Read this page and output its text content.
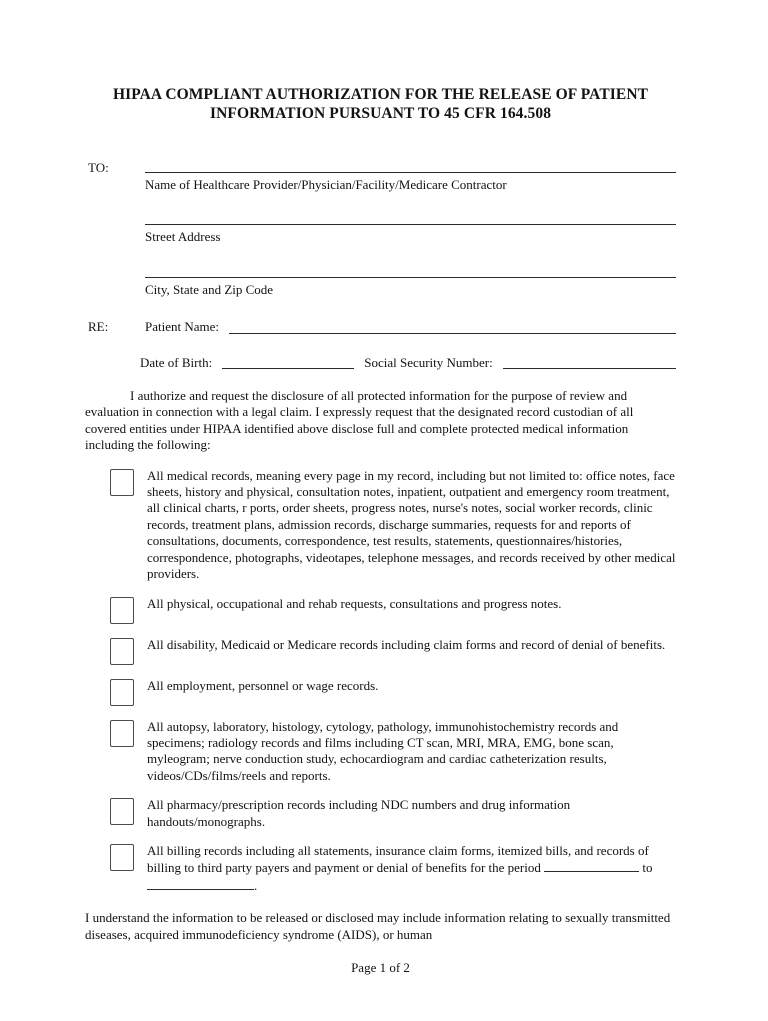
HIPAA COMPLIANT AUTHORIZATION FOR THE RELEASE OF PATIENT
INFORMATION PURSUANT TO 45 CFR 164.508
TO:
Name of Healthcare Provider/Physician/Facility/Medicare Contractor
Street Address
City, State and Zip Code
RE:	Patient Name:
Date of Birth:	Social Security Number:
I authorize and request the disclosure of all protected information for the purpose of review and evaluation in connection with a legal claim. I expressly request that the designated record custodian of all covered entities under HIPAA identified above disclose full and complete protected medical information including the following:
All medical records, meaning every page in my record, including but not limited to: office notes, face sheets, history and physical, consultation notes, inpatient, outpatient and emergency room treatment, all clinical charts, r ports, order sheets, progress notes, nurse's notes, social worker records, clinic records, treatment plans, admission records, discharge summaries, requests for and reports of consultations, documents, correspondence, test results, statements, questionnaires/histories, correspondence, photographs, videotapes, telephone messages, and records received by other medical providers.
All physical, occupational and rehab requests, consultations and progress notes.
All disability, Medicaid or Medicare records including claim forms and record of denial of benefits.
All employment, personnel or wage records.
All autopsy, laboratory, histology, cytology, pathology, immunohistochemistry records and specimens; radiology records and films including CT scan, MRI, MRA, EMG, bone scan, myleogram; nerve conduction study, echocardiogram and cardiac catheterization results, videos/CDs/films/reels and reports.
All pharmacy/prescription records including NDC numbers and drug information handouts/monographs.
All billing records including all statements, insurance claim forms, itemized bills, and records of billing to third party payers and payment or denial of benefits for the period	to .
I understand the information to be released or disclosed may include information relating to sexually transmitted diseases, acquired immunodeficiency syndrome (AIDS), or human
Page 1 of 2
